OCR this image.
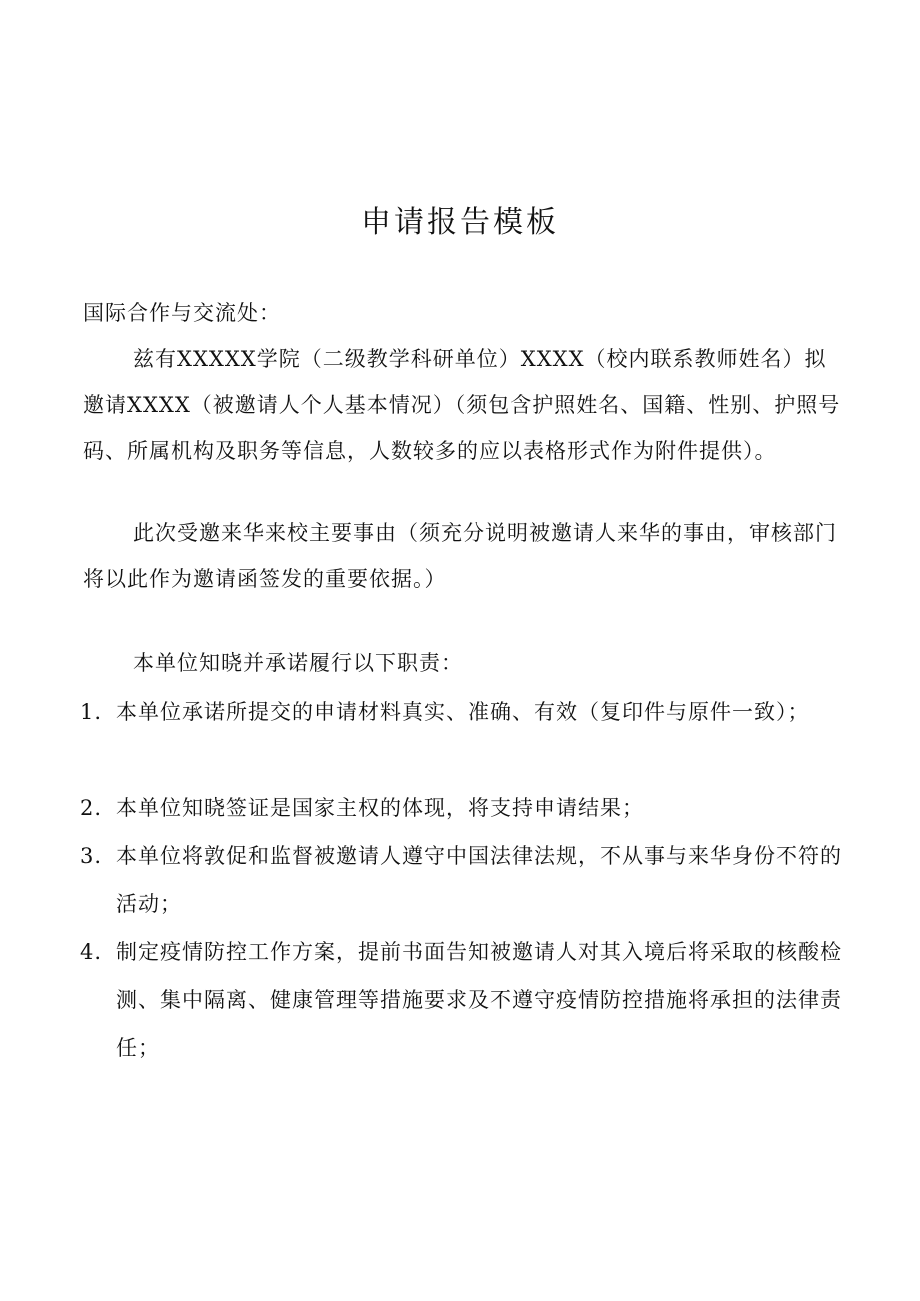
申请报告模板

国际合作与交流处：

兹有XXXXX学院（二级教学科研单位）XXXX（校内联系教师姓名）拟邀请XXXX（被邀请人个人基本情况）（须包含护照姓名、国籍、性别、护照号码、所属机构及职务等信息，人数较多的应以表格形式作为附件提供）。

此次受邀来华来校主要事由（须充分说明被邀请人来华的事由，审核部门将以此作为邀请函签发的重要依据。）

本单位知晓并承诺履行以下职责：

1. 本单位承诺所提交的申请材料真实、准确、有效（复印件与原件一致）；
2. 本单位知晓签证是国家主权的体现，将支持申请结果；
3. 本单位将敦促和监督被邀请人遵守中国法律法规，不从事与来华身份不符的活动；
4. 制定疫情防控工作方案，提前书面告知被邀请人对其入境后将采取的核酸检测、集中隔离、健康管理等措施要求及不遵守疫情防控措施将承担的法律责任；
